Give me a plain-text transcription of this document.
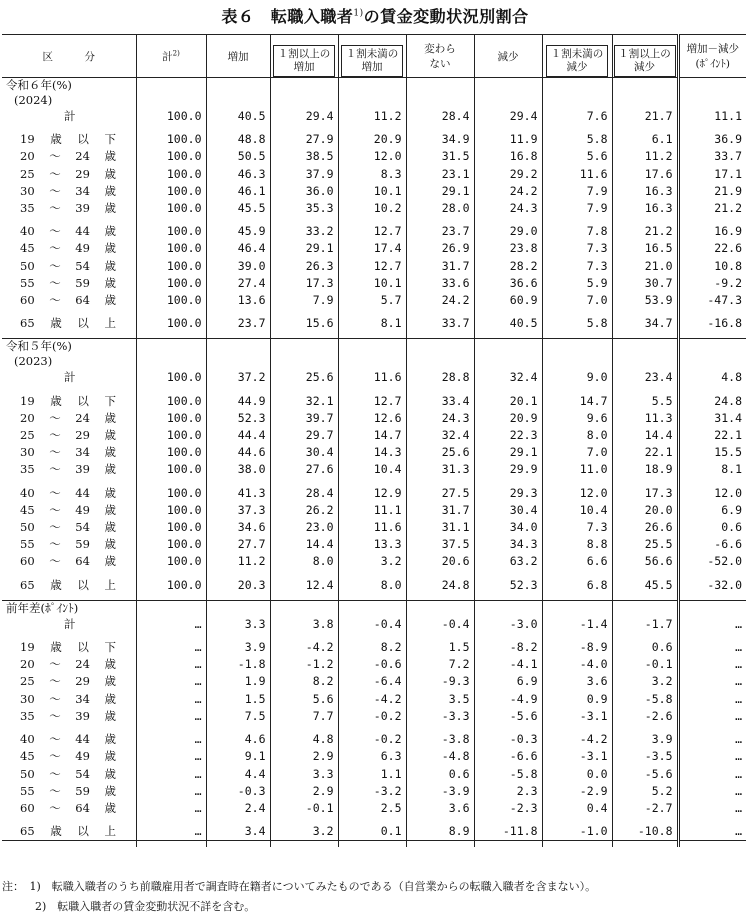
表６　転職入職者$^{1)}$の賃金変動状況別割合
区　　　分	計$^{2)}$	増加	１割以上の増加	１割未満の増加	変わらない	減少	１割未満の減少	１割以上の減少	増加－減少(ﾎﾟｲﾝﾄ)
令和６年(%)									
(2024)									
計	100.0	40.5	29.4	11.2	28.4	29.4	7.6	21.7	11.1

19 歳 以 下	100.0	48.8	27.9	20.9	34.9	11.9	5.8	6.1	36.9

20 ～ 24 歳	100.0	50.5	38.5	12.0	31.5	16.8	5.6	11.2	33.7

25 ～ 29 歳	100.0	46.3	37.9	8.3	23.1	29.2	11.6	17.6	17.1

30 ～ 34 歳	100.0	46.1	36.0	10.1	29.1	24.2	7.9	16.3	21.9

35 ～ 39 歳	100.0	45.5	35.3	10.2	28.0	24.3	7.9	16.3	21.2

40 ～ 44 歳	100.0	45.9	33.2	12.7	23.7	29.0	7.8	21.2	16.9

45 ～ 49 歳	100.0	46.4	29.1	17.4	26.9	23.8	7.3	16.5	22.6

50 ～ 54 歳	100.0	39.0	26.3	12.7	31.7	28.2	7.3	21.0	10.8

55 ～ 59 歳	100.0	27.4	17.3	10.1	33.6	36.6	5.9	30.7	-9.2

60 ～ 64 歳	100.0	13.6	7.9	5.7	24.2	60.9	7.0	53.9	-47.3

65 歳 以 上	100.0	23.7	15.6	8.1	33.7	40.5	5.8	34.7	-16.8

令和５年(%)									
(2023)									
計	100.0	37.2	25.6	11.6	28.8	32.4	9.0	23.4	4.8

19 歳 以 下	100.0	44.9	32.1	12.7	33.4	20.1	14.7	5.5	24.8

20 ～ 24 歳	100.0	52.3	39.7	12.6	24.3	20.9	9.6	11.3	31.4

25 ～ 29 歳	100.0	44.4	29.7	14.7	32.4	22.3	8.0	14.4	22.1

30 ～ 34 歳	100.0	44.6	30.4	14.3	25.6	29.1	7.0	22.1	15.5

35 ～ 39 歳	100.0	38.0	27.6	10.4	31.3	29.9	11.0	18.9	8.1

40 ～ 44 歳	100.0	41.3	28.4	12.9	27.5	29.3	12.0	17.3	12.0

45 ～ 49 歳	100.0	37.3	26.2	11.1	31.7	30.4	10.4	20.0	6.9

50 ～ 54 歳	100.0	34.6	23.0	11.6	31.1	34.0	7.3	26.6	0.6

55 ～ 59 歳	100.0	27.7	14.4	13.3	37.5	34.3	8.8	25.5	-6.6

60 ～ 64 歳	100.0	11.2	8.0	3.2	20.6	63.2	6.6	56.6	-52.0

65 歳 以 上	100.0	20.3	12.4	8.0	24.8	52.3	6.8	45.5	-32.0

前年差(ﾎﾟｲﾝﾄ)									
計	…	3.3	3.8	-0.4	-0.4	-3.0	-1.4	-1.7	…

19 歳 以 下	…	3.9	-4.2	8.2	1.5	-8.2	-8.9	0.6	…

20 ～ 24 歳	…	-1.8	-1.2	-0.6	7.2	-4.1	-4.0	-0.1	…

25 ～ 29 歳	…	1.9	8.2	-6.4	-9.3	6.9	3.6	3.2	…

30 ～ 34 歳	…	1.5	5.6	-4.2	3.5	-4.9	0.9	-5.8	…

35 ～ 39 歳	…	7.5	7.7	-0.2	-3.3	-5.6	-3.1	-2.6	…

40 ～ 44 歳	…	4.6	4.8	-0.2	-3.8	-0.3	-4.2	3.9	…

45 ～ 49 歳	…	9.1	2.9	6.3	-4.8	-6.6	-3.1	-3.5	…

50 ～ 54 歳	…	4.4	3.3	1.1	0.6	-5.8	0.0	-5.6	…

55 ～ 59 歳	…	-0.3	2.9	-3.2	-3.9	2.3	-2.9	5.2	…

60 ～ 64 歳	…	2.4	-0.1	2.5	3.6	-2.3	0.4	-2.7	…

65 歳 以 上	…	3.4	3.2	0.1	8.9	-11.8	-1.0	-10.8	…

注：　1)　転職入職者のうち前職雇用者で調査時在籍者についてみたものである（自営業からの転職入職者を含まない）。
　　　2)　転職入職者の賃金変動状況不詳を含む。
